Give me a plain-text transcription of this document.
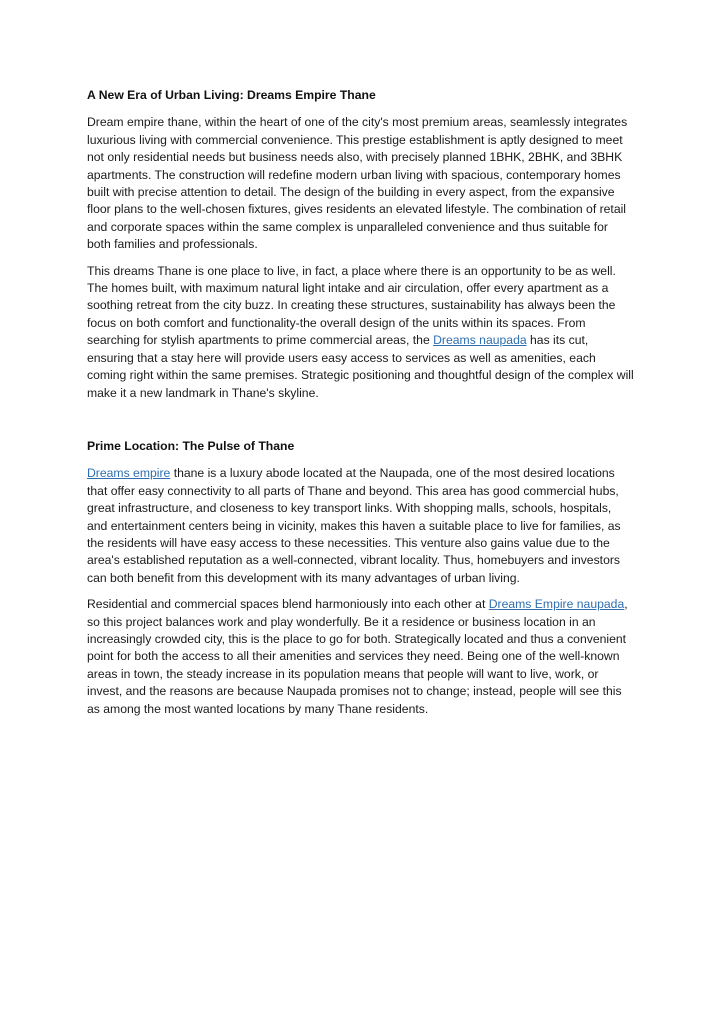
A New Era of Urban Living: Dreams Empire Thane

Dream empire thane, within the heart of one of the city's most premium areas, seamlessly integrates luxurious living with commercial convenience. This prestige establishment is aptly designed to meet not only residential needs but business needs also, with precisely planned 1BHK, 2BHK, and 3BHK apartments. The construction will redefine modern urban living with spacious, contemporary homes built with precise attention to detail. The design of the building in every aspect, from the expansive floor plans to the well-chosen fixtures, gives residents an elevated lifestyle. The combination of retail and corporate spaces within the same complex is unparalleled convenience and thus suitable for both families and professionals.

This dreams Thane is one place to live, in fact, a place where there is an opportunity to be as well. The homes built, with maximum natural light intake and air circulation, offer every apartment as a soothing retreat from the city buzz. In creating these structures, sustainability has always been the focus on both comfort and functionality-the overall design of the units within its spaces. From searching for stylish apartments to prime commercial areas, the Dreams naupada has its cut, ensuring that a stay here will provide users easy access to services as well as amenities, each coming right within the same premises. Strategic positioning and thoughtful design of the complex will make it a new landmark in Thane's skyline.

Prime Location: The Pulse of Thane

Dreams empire thane is a luxury abode located at the Naupada, one of the most desired locations that offer easy connectivity to all parts of Thane and beyond. This area has good commercial hubs, great infrastructure, and closeness to key transport links. With shopping malls, schools, hospitals, and entertainment centers being in vicinity, makes this haven a suitable place to live for families, as the residents will have easy access to these necessities. This venture also gains value due to the area's established reputation as a well-connected, vibrant locality. Thus, homebuyers and investors can both benefit from this development with its many advantages of urban living.

Residential and commercial spaces blend harmoniously into each other at Dreams Empire naupada, so this project balances work and play wonderfully. Be it a residence or business location in an increasingly crowded city, this is the place to go for both. Strategically located and thus a convenient point for both the access to all their amenities and services they need. Being one of the well-known areas in town, the steady increase in its population means that people will want to live, work, or invest, and the reasons are because Naupada promises not to change; instead, people will see this as among the most wanted locations by many Thane residents.
